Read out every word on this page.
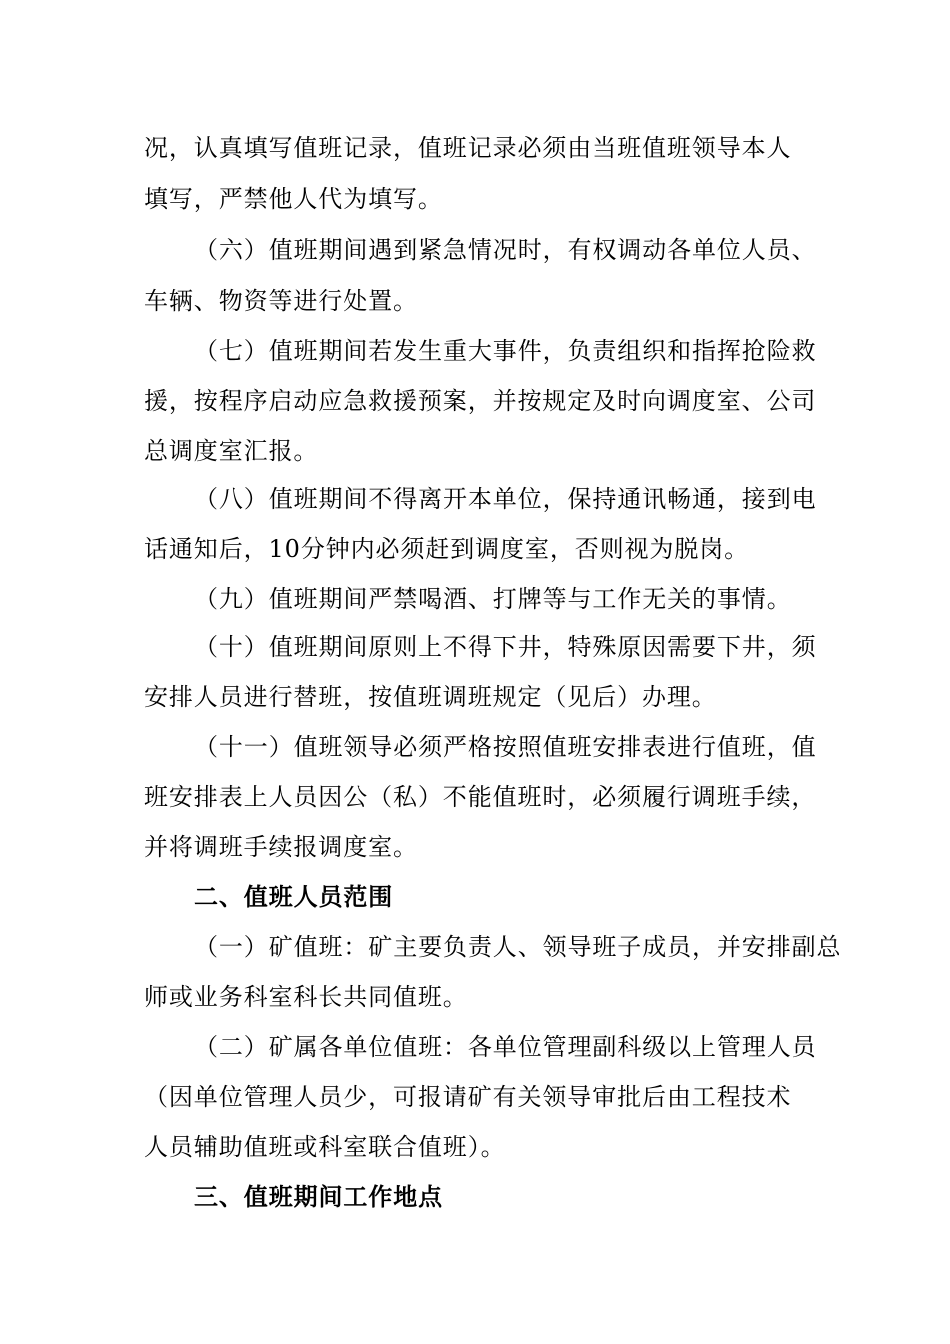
况，认真填写值班记录，值班记录必须由当班值班领导本人
填写，严禁他人代为填写。
（六）值班期间遇到紧急情况时，有权调动各单位人员、
车辆、物资等进行处置。
（七）值班期间若发生重大事件，负责组织和指挥抢险救
援，按程序启动应急救援预案，并按规定及时向调度室、公司
总调度室汇报。
（八）值班期间不得离开本单位，保持通讯畅通，接到电
话通知后，10分钟内必须赶到调度室，否则视为脱岗。
（九）值班期间严禁喝酒、打牌等与工作无关的事情。
（十）值班期间原则上不得下井，特殊原因需要下井，须
安排人员进行替班，按值班调班规定（见后）办理。
（十一）值班领导必须严格按照值班安排表进行值班，值
班安排表上人员因公（私）不能值班时，必须履行调班手续，
并将调班手续报调度室。
二、值班人员范围
（一）矿值班：矿主要负责人、领导班子成员，并安排副总
师或业务科室科长共同值班。
（二）矿属各单位值班：各单位管理副科级以上管理人员
（因单位管理人员少，可报请矿有关领导审批后由工程技术
人员辅助值班或科室联合值班）。
三、值班期间工作地点
